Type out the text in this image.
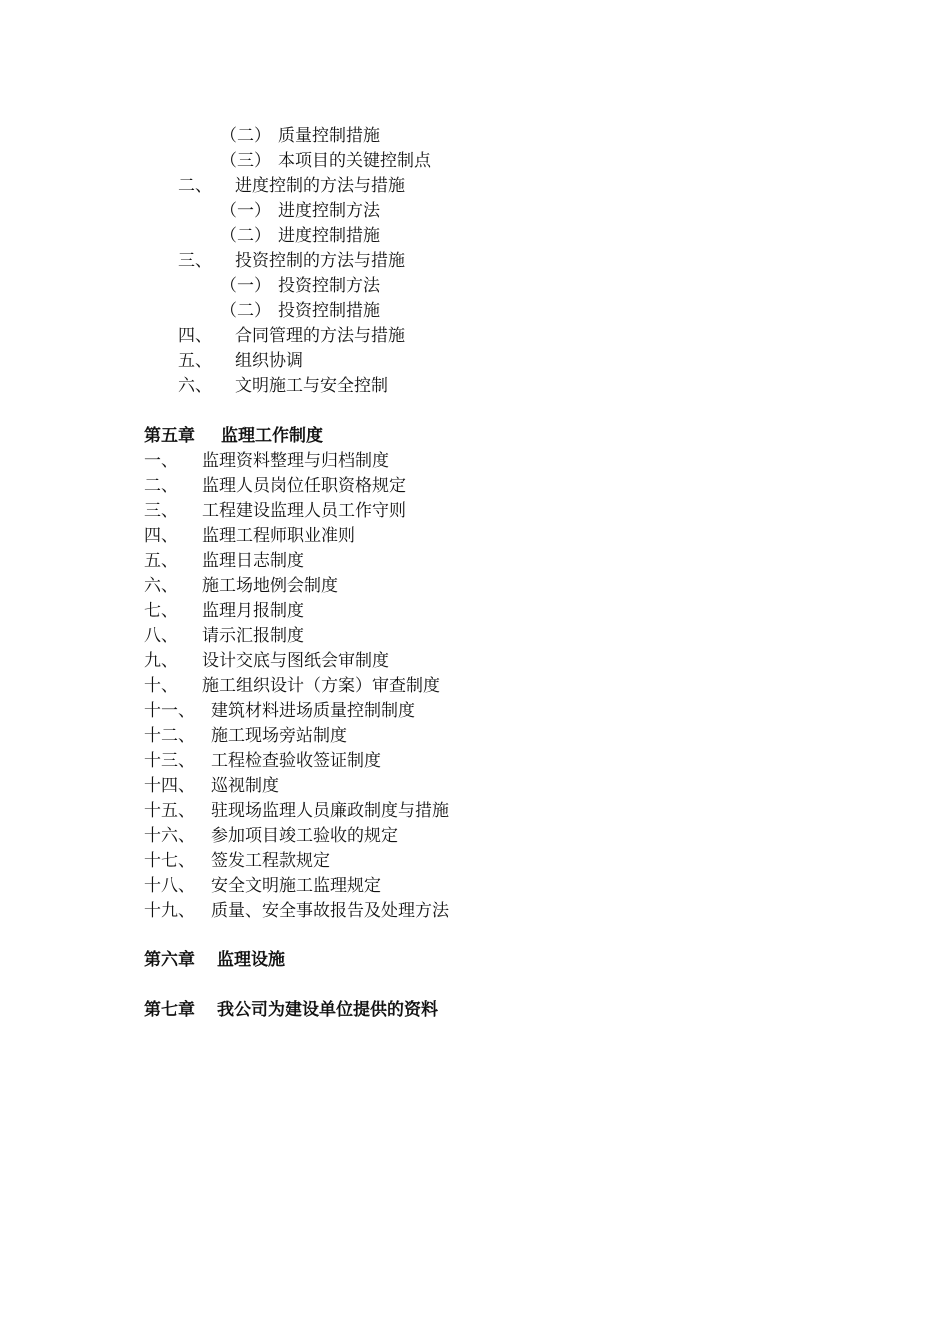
（二） 质量控制措施
（三） 本项目的关键控制点
二、 进度控制的方法与措施
（一） 进度控制方法
（二） 进度控制措施
三、 投资控制的方法与措施
（一） 投资控制方法
（二） 投资控制措施
四、 合同管理的方法与措施
五、 组织协调
六、 文明施工与安全控制
第五章 监理工作制度
一、 监理资料整理与归档制度
二、 监理人员岗位任职资格规定
三、 工程建设监理人员工作守则
四、 监理工程师职业准则
五、 监理日志制度
六、 施工场地例会制度
七、 监理月报制度
八、 请示汇报制度
九、 设计交底与图纸会审制度
十、 施工组织设计（方案）审查制度
十一、 建筑材料进场质量控制制度
十二、 施工现场旁站制度
十三、 工程检查验收签证制度
十四、 巡视制度
十五、 驻现场监理人员廉政制度与措施
十六、 参加项目竣工验收的规定
十七、 签发工程款规定
十八、 安全文明施工监理规定
十九、 质量、安全事故报告及处理方法
第六章 监理设施
第七章 我公司为建设单位提供的资料
